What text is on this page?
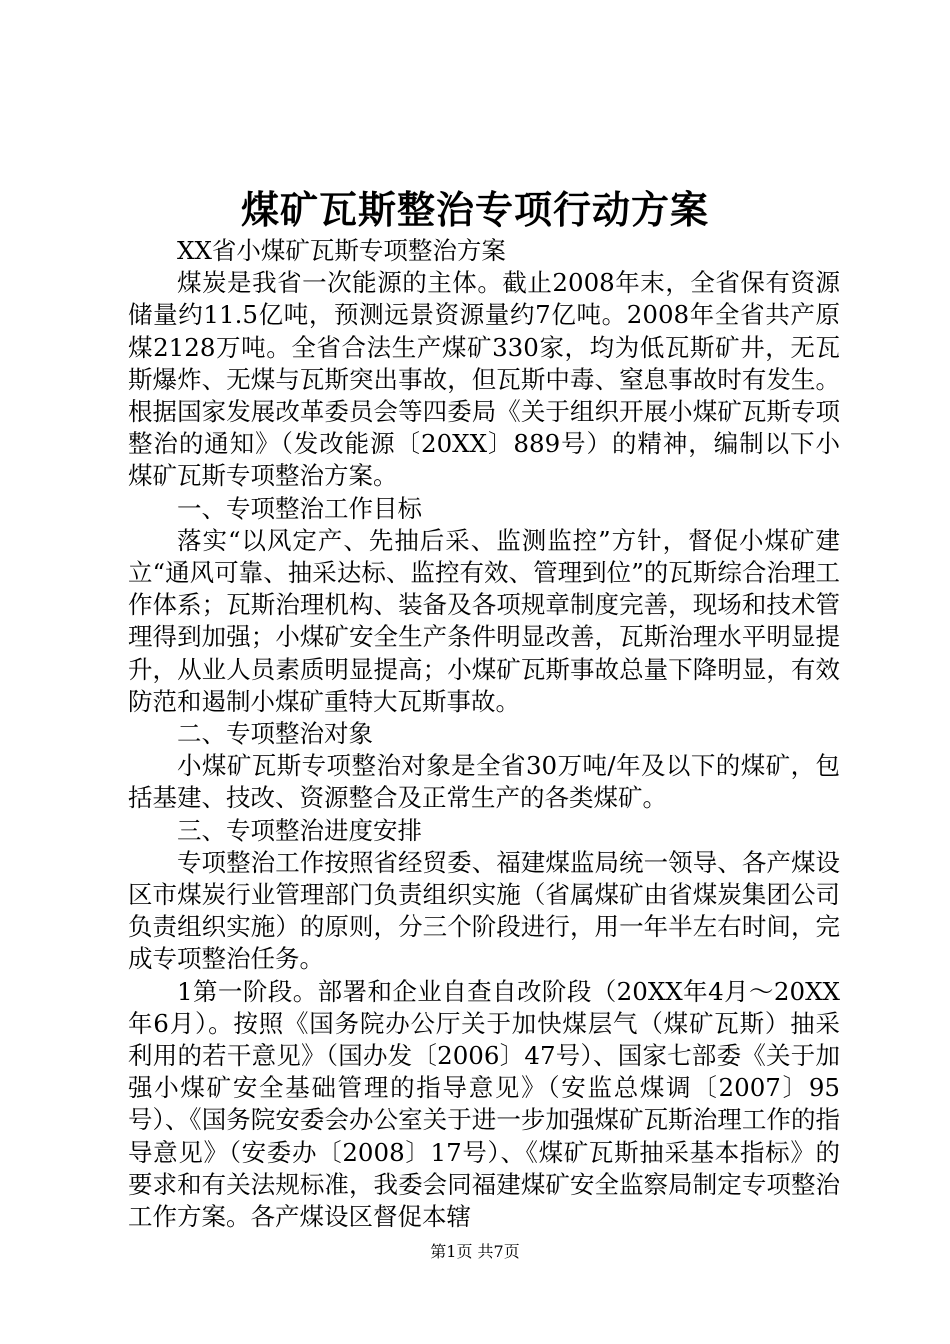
煤矿瓦斯整治专项行动方案

XX省小煤矿瓦斯专项整治方案

煤炭是我省一次能源的主体。截止2008年末，全省保有资源储量约11.5亿吨，预测远景资源量约7亿吨。2008年全省共产原煤2128万吨。全省合法生产煤矿330家，均为低瓦斯矿井，无瓦斯爆炸、无煤与瓦斯突出事故，但瓦斯中毒、窒息事故时有发生。根据国家发展改革委员会等四委局《关于组织开展小煤矿瓦斯专项整治的通知》（发改能源〔20XX〕889号）的精神，编制以下小煤矿瓦斯专项整治方案。

一、专项整治工作目标

落实“以风定产、先抽后采、监测监控”方针，督促小煤矿建立“通风可靠、抽采达标、监控有效、管理到位”的瓦斯综合治理工作体系；瓦斯治理机构、装备及各项规章制度完善，现场和技术管理得到加强；小煤矿安全生产条件明显改善，瓦斯治理水平明显提升，从业人员素质明显提高；小煤矿瓦斯事故总量下降明显，有效防范和遏制小煤矿重特大瓦斯事故。

二、专项整治对象

小煤矿瓦斯专项整治对象是全省30万吨/年及以下的煤矿，包括基建、技改、资源整合及正常生产的各类煤矿。

三、专项整治进度安排

专项整治工作按照省经贸委、福建煤监局统一领导、各产煤设区市煤炭行业管理部门负责组织实施（省属煤矿由省煤炭集团公司负责组织实施）的原则，分三个阶段进行，用一年半左右时间，完成专项整治任务。

1第一阶段。部署和企业自查自改阶段（20XX年4月～20XX年6月）。按照《国务院办公厅关于加快煤层气（煤矿瓦斯）抽采利用的若干意见》（国办发〔2006〕47号）、国家七部委《关于加强小煤矿安全基础管理的指导意见》（安监总煤调〔2007〕95号）、《国务院安委会办公室关于进一步加强煤矿瓦斯治理工作的指导意见》（安委办〔2008〕17号）、《煤矿瓦斯抽采基本指标》的要求和有关法规标准，我委会同福建煤矿安全监察局制定专项整治工作方案。各产煤设区督促本辖

第1页 共7页
